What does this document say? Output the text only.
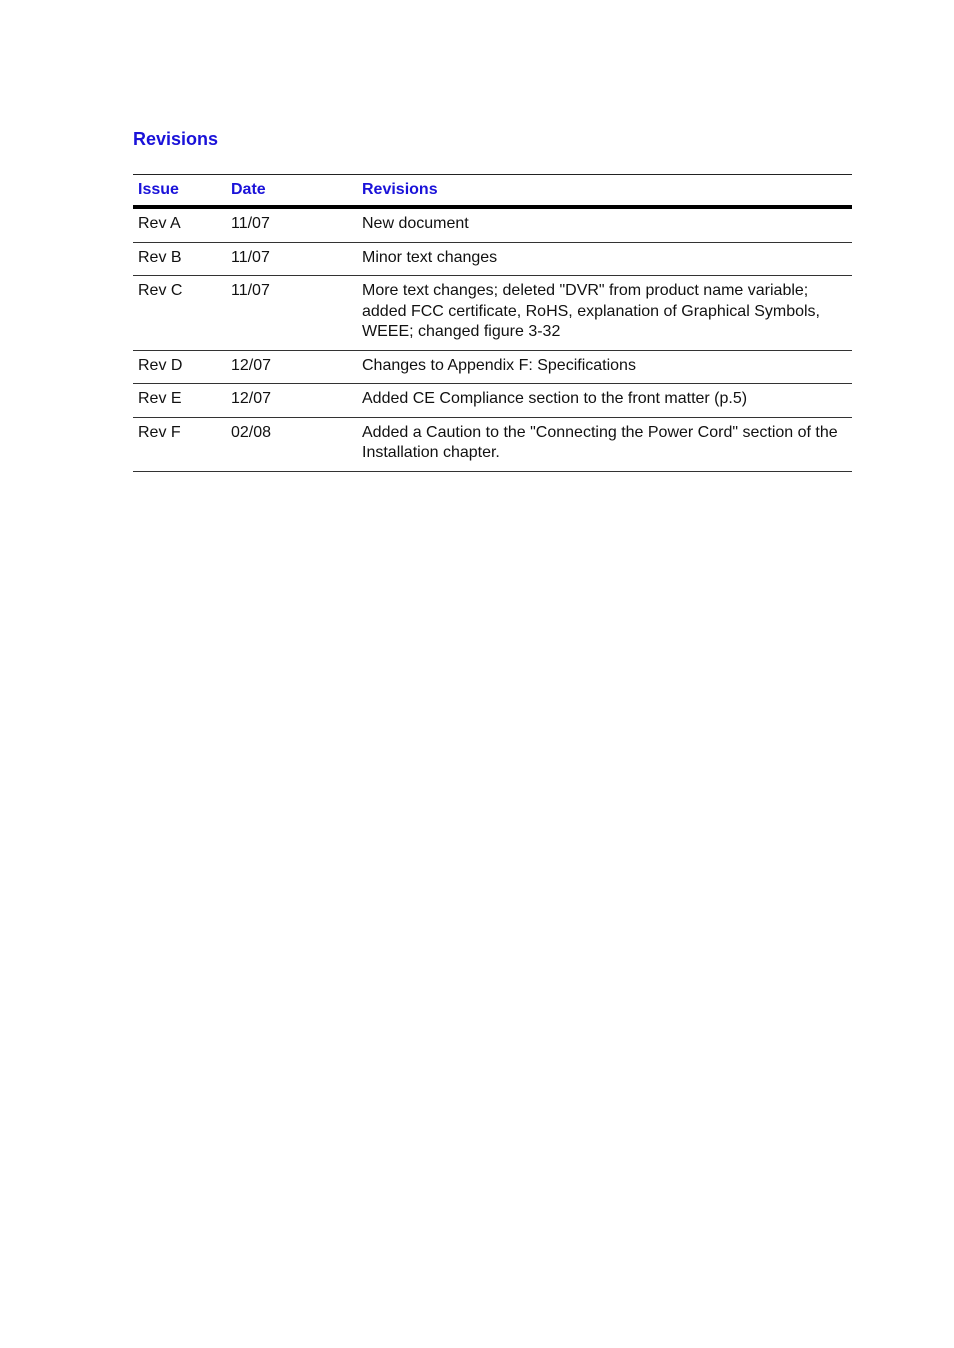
Revisions
Issue	Date	Revisions
Rev A	11/07	New document
Rev B	11/07	Minor text changes
Rev C	11/07	More text changes; deleted "DVR" from product name variable; added FCC certificate, RoHS, explanation of Graphical Symbols, WEEE; changed figure 3-32
Rev D	12/07	Changes to Appendix F: Specifications
Rev E	12/07	Added CE Compliance section to the front matter (p.5)
Rev F	02/08	Added a Caution to the "Connecting the Power Cord" section of the Installation chapter.
